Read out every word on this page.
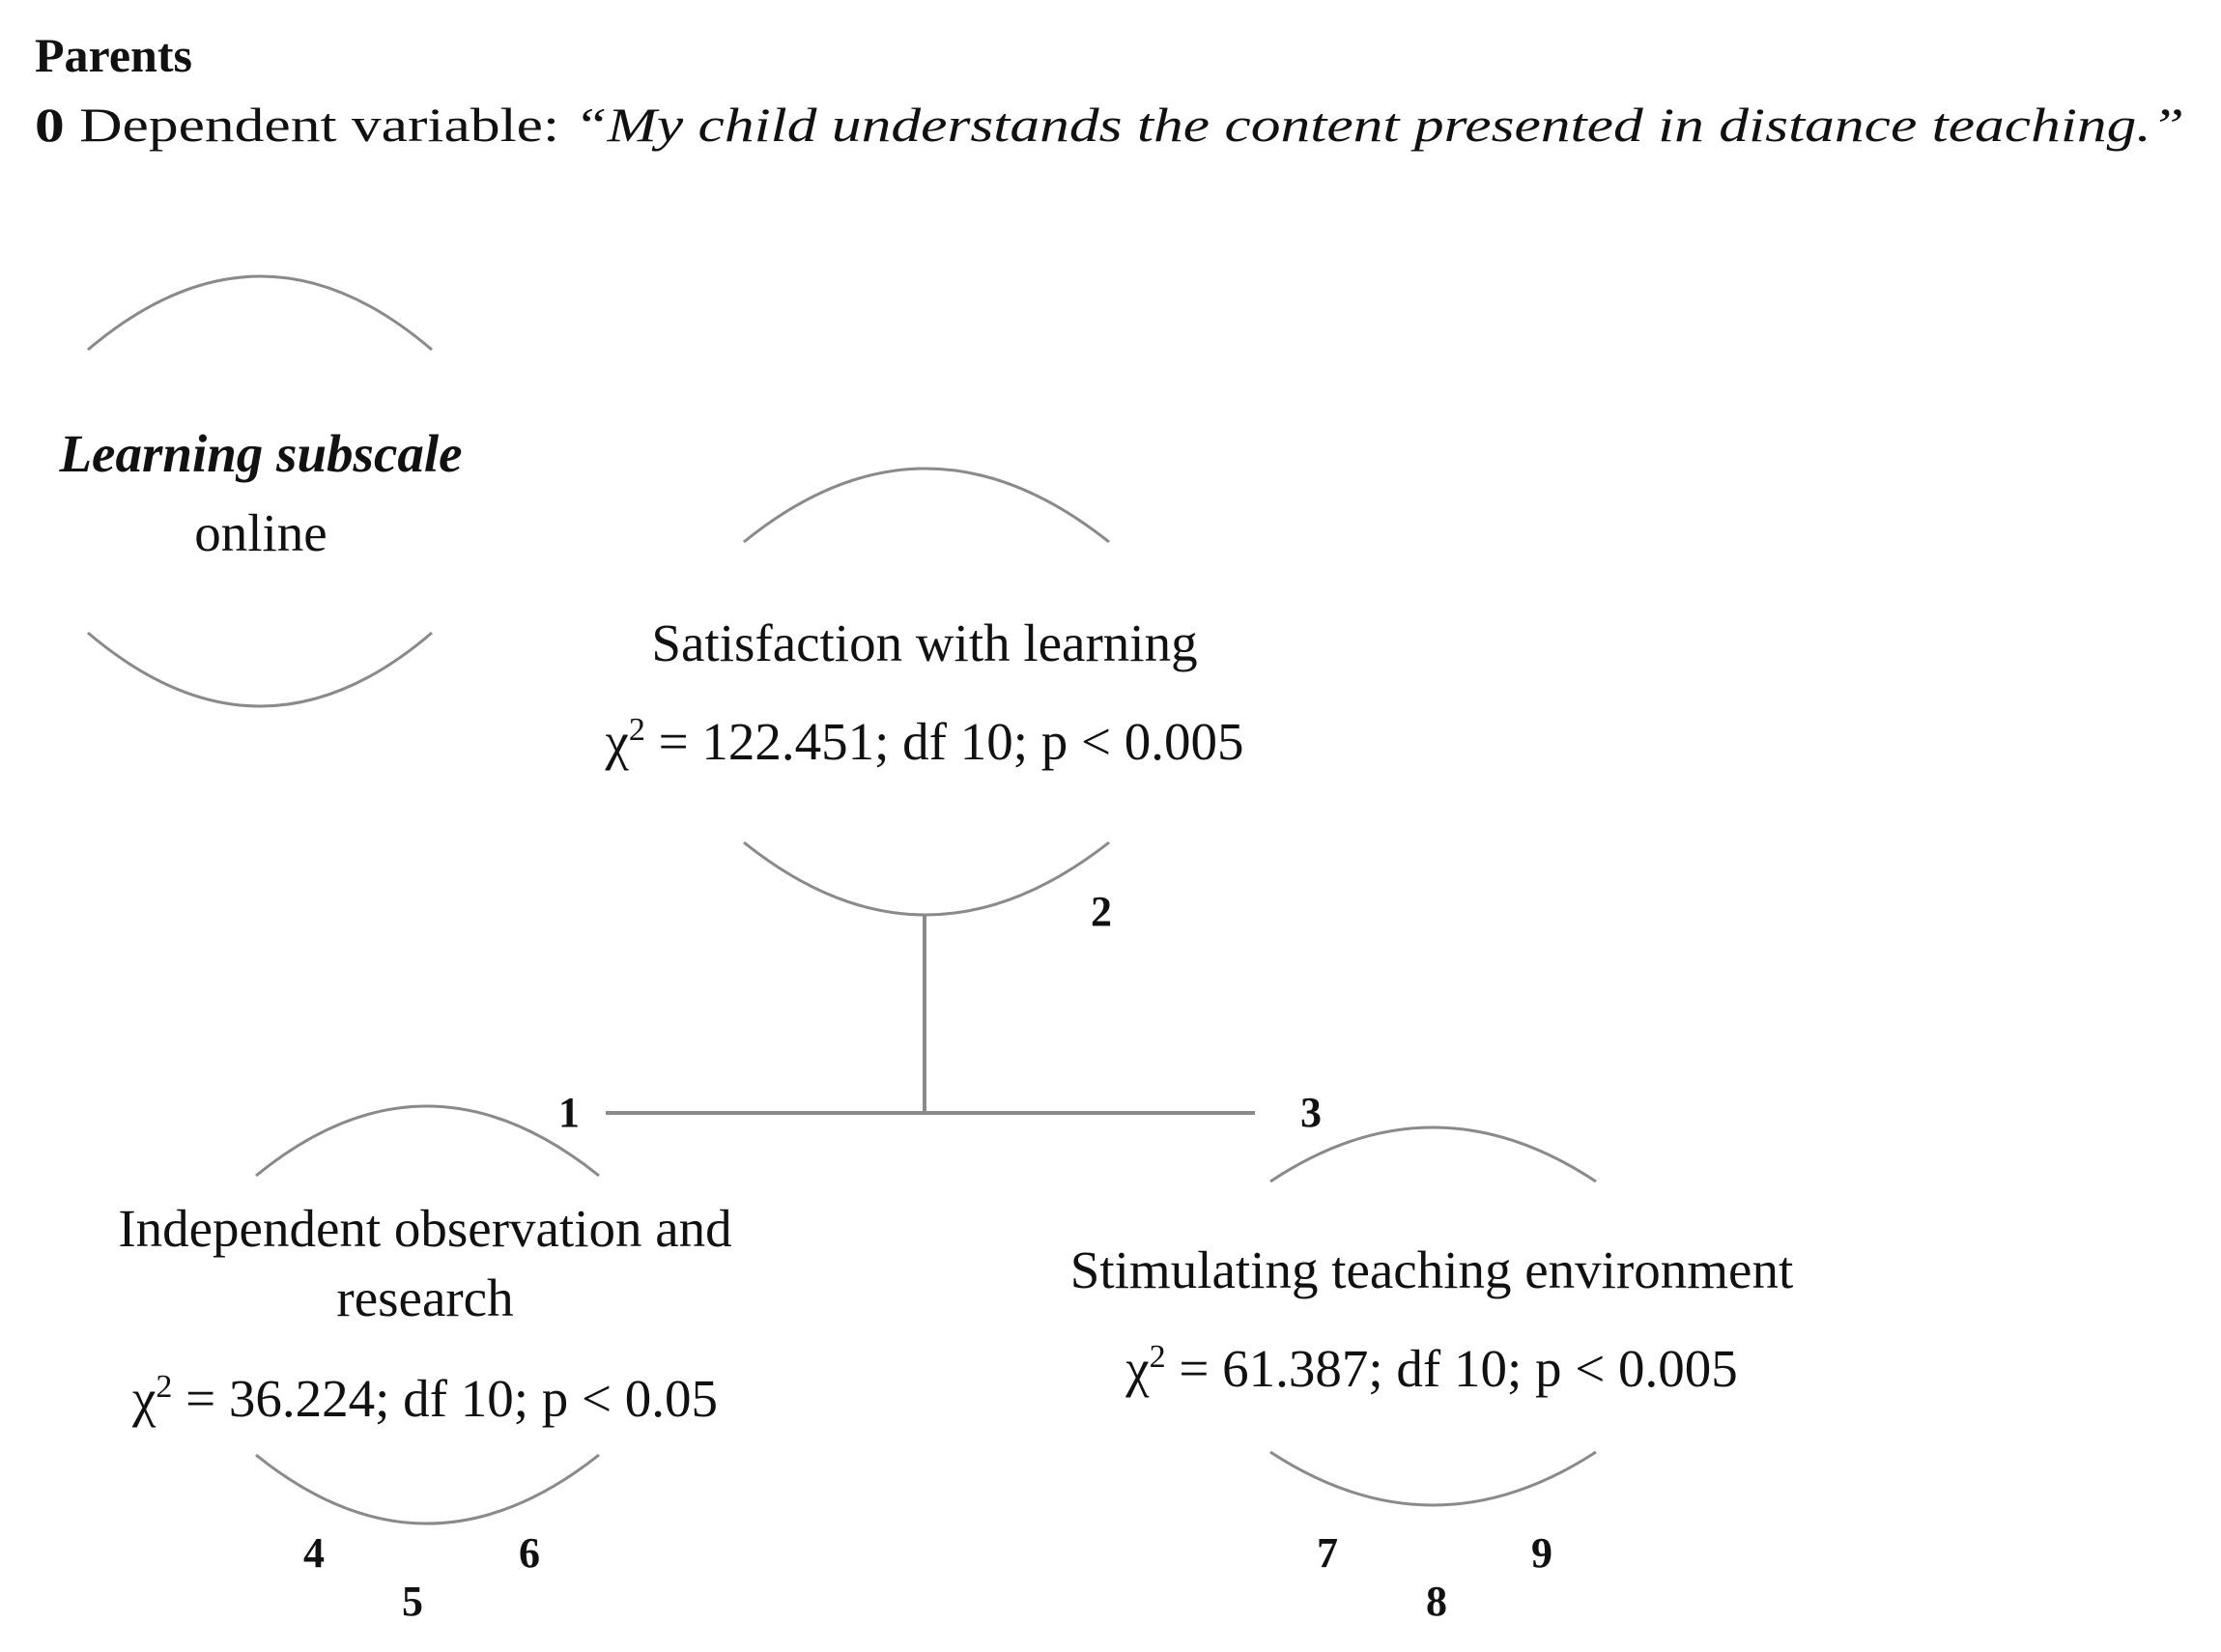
Parents
0 Dependent variable: “My child understands the content presented in distance teaching.”
Learning subscale
online
Satisfaction with learning
$\chi^2 = 122.451$; df 10; p < 0.005
2
1	3
Independent observation and
research
$\chi^2 = 36.224$; df 10; p < 0.05
4
5
6
Stimulating teaching environment
$\chi^2 = 61.387$; df 10; p < 0.005
7
8
9
